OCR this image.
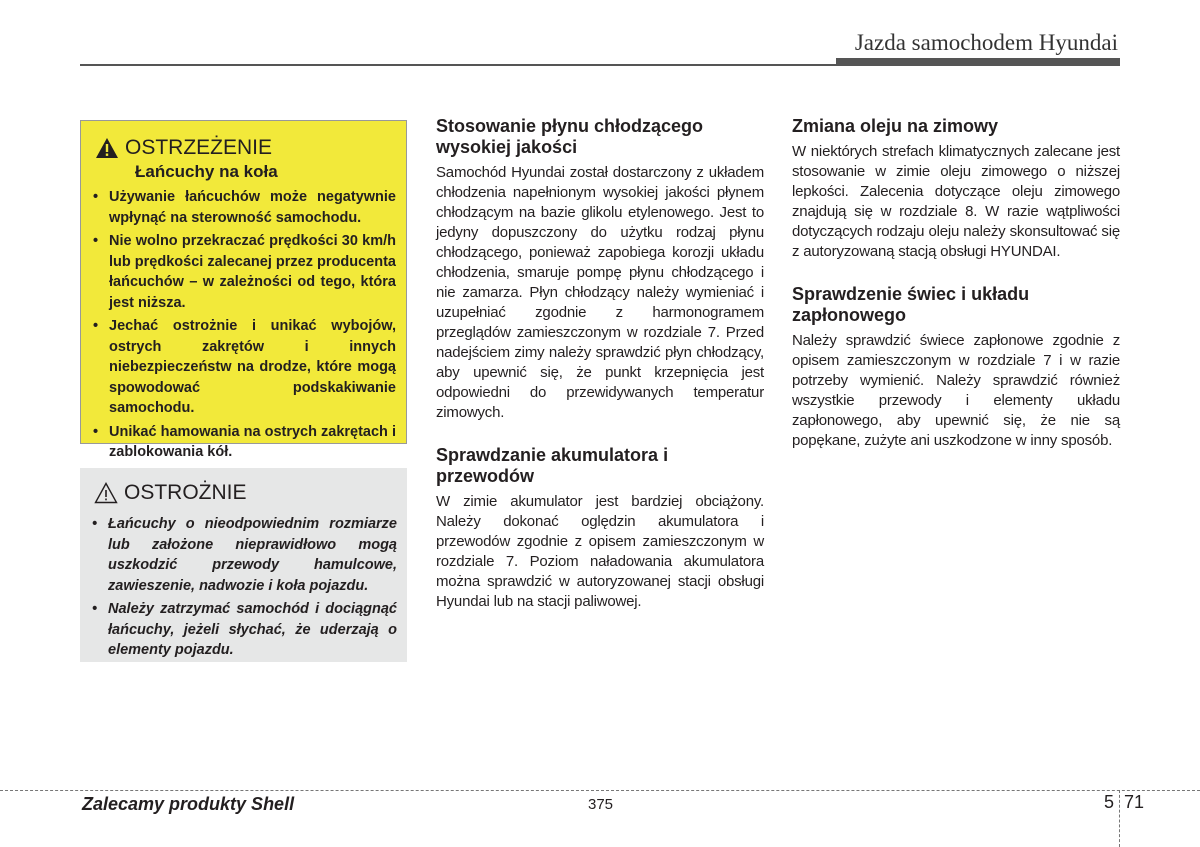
Jazda samochodem Hyundai
OSTRZEŻENIE
Łańcuchy na koła
• Używanie łańcuchów może negatywnie wpłynąć na sterowność samochodu.
• Nie wolno przekraczać prędkości 30 km/h lub prędkości zalecanej przez producenta łańcuchów – w zależności od tego, która jest niższa.
• Jechać ostrożnie i unikać wybojów, ostrych zakrętów i innych niebezpieczeństw na drodze, które mogą spowodować podskakiwanie samochodu.
• Unikać hamowania na ostrych zakrętach i zablokowania kół.
OSTROŻNIE
• Łańcuchy o nieodpowiednim rozmiarze lub założone nieprawidłowo mogą uszkodzić przewody hamulcowe, zawieszenie, nadwozie i koła pojazdu.
• Należy zatrzymać samochód i dociągnąć łańcuchy, jeżeli słychać, że uderzają o elementy pojazdu.
Stosowanie płynu chłodzącego wysokiej jakości

Samochód Hyundai został dostarczony z układem chłodzenia napełnionym wysokiej jakości płynem chłodzącym na bazie glikolu etylenowego. Jest to jedyny dopuszczony do użytku rodzaj płynu chłodzącego, ponieważ zapobiega korozji układu chłodzenia, smaruje pompę płynu chłodzącego i nie zamarza. Płyn chłodzący należy wymieniać i uzupełniać zgodnie z harmonogramem przeglądów zamieszczonym w rozdziale 7. Przed nadejściem zimy należy sprawdzić płyn chłodzący, aby upewnić się, że punkt krzepnięcia jest odpowiedni do przewidywanych temperatur zimowych.

Sprawdzanie akumulatora i przewodów

W zimie akumulator jest bardziej obciążony. Należy dokonać oględzin akumulatora i przewodów zgodnie z opisem zamieszczonym w rozdziale 7. Poziom naładowania akumulatora można sprawdzić w autoryzowanej stacji obsługi Hyundai lub na stacji paliwowej.

Zmiana oleju na zimowy

W niektórych strefach klimatycznych zalecane jest stosowanie w zimie oleju zimowego o niższej lepkości. Zalecenia dotyczące oleju zimowego znajdują się w rozdziale 8. W razie wątpliwości dotyczących rodzaju oleju należy skonsultować się z autoryzowaną stacją obsługi HYUNDAI.

Sprawdzenie świec i układu zapłonowego

Należy sprawdzić świece zapłonowe zgodnie z opisem zamieszczonym w rozdziale 7 i w razie potrzeby wymienić. Należy sprawdzić również wszystkie przewody i elementy układu zapłonowego, aby upewnić się, że nie są popękane, zużyte ani uszkodzone w inny sposób.

Zalecamy produkty Shell	375	5 71
